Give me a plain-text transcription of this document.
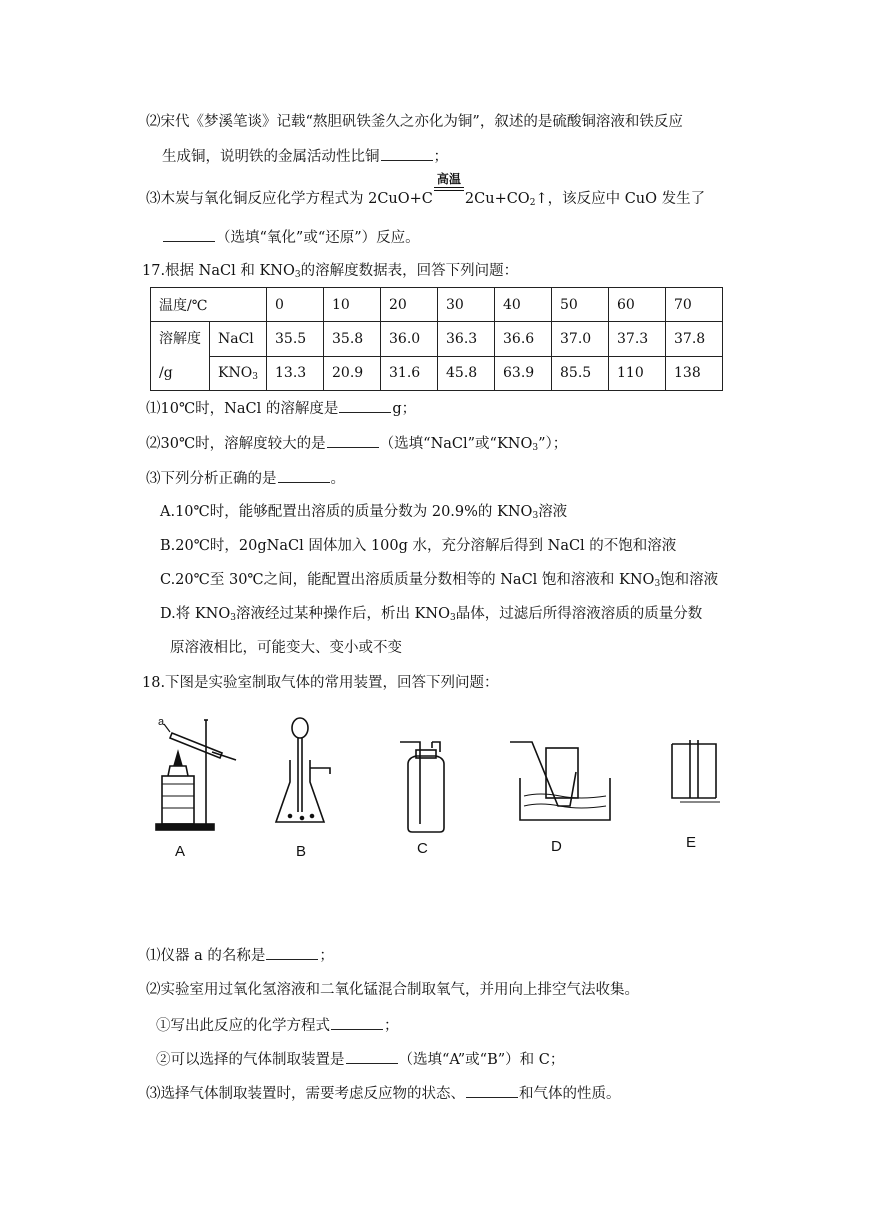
⑵宋代《梦溪笔谈》记载“熬胆矾铁釜久之亦化为铜”，叙述的是硫酸铜溶液和铁反应
生成铜，说明铁的金属活动性比铜	；
⑶木炭与氧化铜反应化学方程式为 2CuO+C
高温
$2Cu+CO_2↑$，该反应中 CuO 发生了
（选填“氧化”或“还原”）反应。
17.根据 NaCl 和 $KNO_3$的溶解度数据表，回答下列问题：
温度/℃		0	10	20	30	40	50	60	70

溶解度
/g	NaCl	35.5	35.8	36.0	36.3	36.6	37.0	37.3	37.8
	$KNO_3$	13.3	20.9	31.6	45.8	63.9	85.5	110	138
⑴10℃时，NaCl 的溶解度是	g；
⑵30℃时，溶解度较大的是	（选填“NaCl”或“$KNO_3$”）；
⑶下列分析正确的是	。
A.10℃时，能够配置出溶质的质量分数为 20.9%的 $KNO_3$溶液
B.20℃时，20gNaCl 固体加入 100g 水，充分溶解后得到 NaCl 的不饱和溶液
C.20℃至 30℃之间，能配置出溶质质量分数相等的 NaCl 饱和溶液和 $KNO_3$饱和溶液
D.将 $KNO_3$溶液经过某种操作后，析出 $KNO_3$晶体，过滤后所得溶液溶质的质量分数
原溶液相比，可能变大、变小或不变
18.下图是实验室制取气体的常用装置，回答下列问题：
A	B	C	D	E
a
⑴仪器 a 的名称是	；
⑵实验室用过氧化氢溶液和二氧化锰混合制取氧气，并用向上排空气法收集。
①写出此反应的化学方程式	；
②可以选择的气体制取装置是	（选填“A”或“B”）和 C；
⑶选择气体制取装置时，需要考虑反应物的状态、	和气体的性质。
